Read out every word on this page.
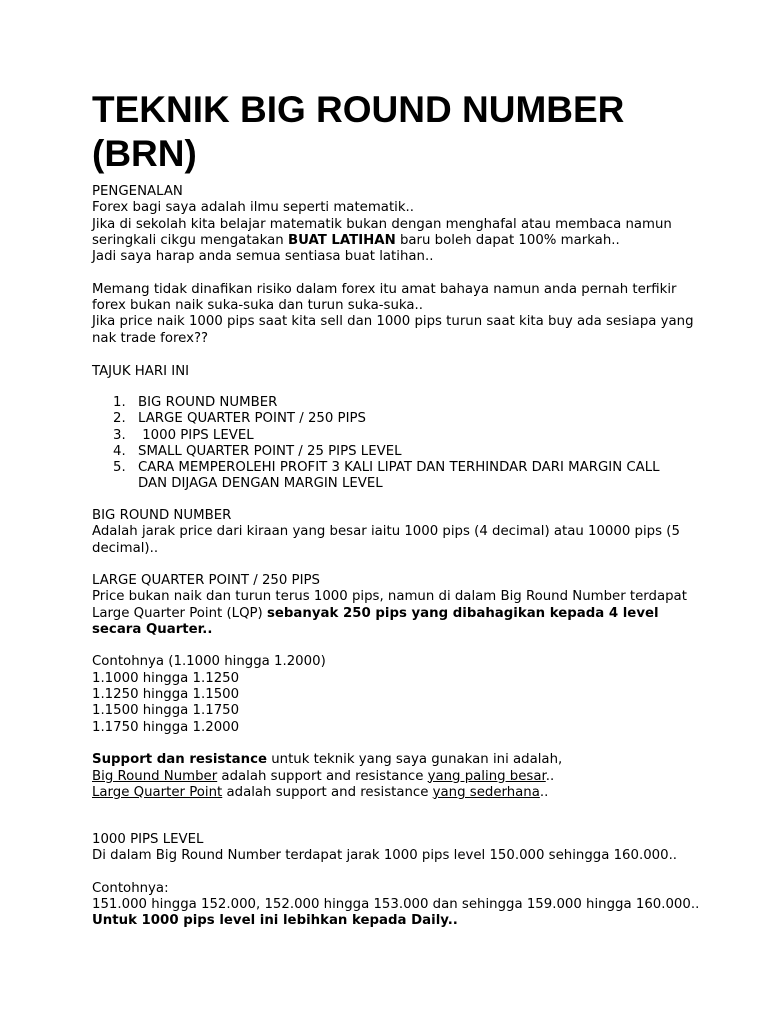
TEKNIK BIG ROUND NUMBER
(BRN)
PENGENALAN
Forex bagi saya adalah ilmu seperti matematik..
Jika di sekolah kita belajar matematik bukan dengan menghafal atau membaca namun
seringkali cikgu mengatakan BUAT LATIHAN baru boleh dapat 100% markah..
Jadi saya harap anda semua sentiasa buat latihan..

Memang tidak dinafikan risiko dalam forex itu amat bahaya namun anda pernah terfikir
forex bukan naik suka-suka dan turun suka-suka..
Jika price naik 1000 pips saat kita sell dan 1000 pips turun saat kita buy ada sesiapa yang
nak trade forex??
TAJUK HARI INI
1. BIG ROUND NUMBER
2. LARGE QUARTER POINT / 250 PIPS
3. 1000 PIPS LEVEL
4. SMALL QUARTER POINT / 25 PIPS LEVEL
5. CARA MEMPEROLEHI PROFIT 3 KALI LIPAT DAN TERHINDAR DARI MARGIN CALL
DAN DIJAGA DENGAN MARGIN LEVEL
BIG ROUND NUMBER
Adalah jarak price dari kiraan yang besar iaitu 1000 pips (4 decimal) atau 10000 pips (5
decimal)..
LARGE QUARTER POINT / 250 PIPS
Price bukan naik dan turun terus 1000 pips, namun di dalam Big Round Number terdapat
Large Quarter Point (LQP) sebanyak 250 pips yang dibahagikan kepada 4 level
secara Quarter..

Contohnya (1.1000 hingga 1.2000)
1.1000 hingga 1.1250
1.1250 hingga 1.1500
1.1500 hingga 1.1750
1.1750 hingga 1.2000

Support dan resistance untuk teknik yang saya gunakan ini adalah,
Big Round Number adalah support and resistance yang paling besar..
Large Quarter Point adalah support and resistance yang sederhana..
1000 PIPS LEVEL
Di dalam Big Round Number terdapat jarak 1000 pips level 150.000 sehingga 160.000..

Contohnya:
151.000 hingga 152.000, 152.000 hingga 153.000 dan sehingga 159.000 hingga 160.000..
Untuk 1000 pips level ini lebihkan kepada Daily..
